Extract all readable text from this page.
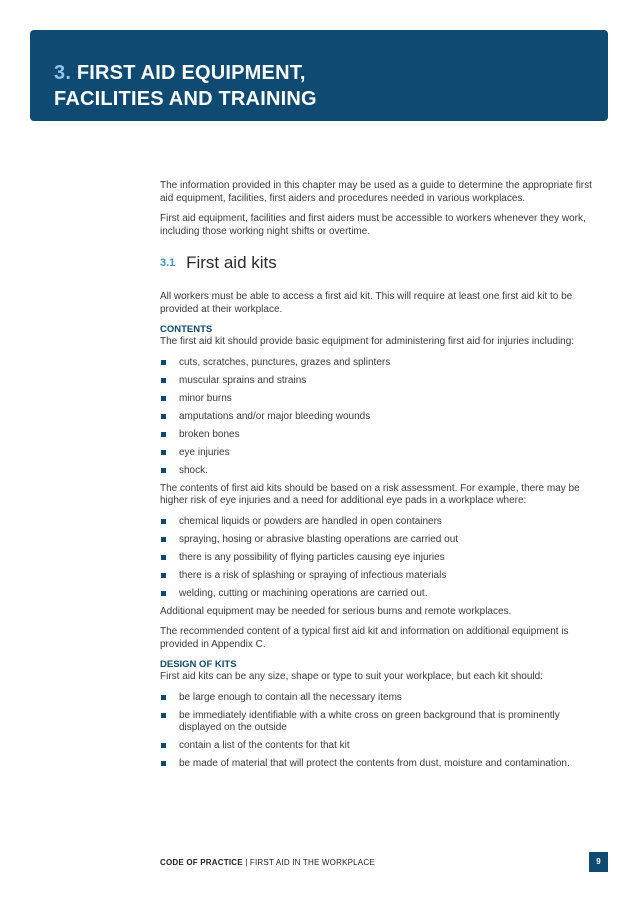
3. FIRST AID EQUIPMENT,
FACILITIES AND TRAINING

The information provided in this chapter may be used as a guide to determine the appropriate first aid equipment, facilities, first aiders and procedures needed in various workplaces.

First aid equipment, facilities and first aiders must be accessible to workers whenever they work, including those working night shifts or overtime.

3.1 First aid kits

All workers must be able to access a first aid kit. This will require at least one first aid kit to be provided at their workplace.

CONTENTS

The first aid kit should provide basic equipment for administering first aid for injuries including:

cuts, scratches, punctures, grazes and splinters
muscular sprains and strains
minor burns
amputations and/or major bleeding wounds
broken bones
eye injuries
shock.

The contents of first aid kits should be based on a risk assessment. For example, there may be higher risk of eye injuries and a need for additional eye pads in a workplace where:

chemical liquids or powders are handled in open containers
spraying, hosing or abrasive blasting operations are carried out
there is any possibility of flying particles causing eye injuries
there is a risk of splashing or spraying of infectious materials
welding, cutting or machining operations are carried out.

Additional equipment may be needed for serious burns and remote workplaces.

The recommended content of a typical first aid kit and information on additional equipment is provided in Appendix C.

DESIGN OF KITS

First aid kits can be any size, shape or type to suit your workplace, but each kit should:

be large enough to contain all the necessary items
be immediately identifiable with a white cross on green background that is prominently displayed on the outside
contain a list of the contents for that kit
be made of material that will protect the contents from dust, moisture and contamination.
CODE OF PRACTICE | FIRST AID IN THE WORKPLACE	9
